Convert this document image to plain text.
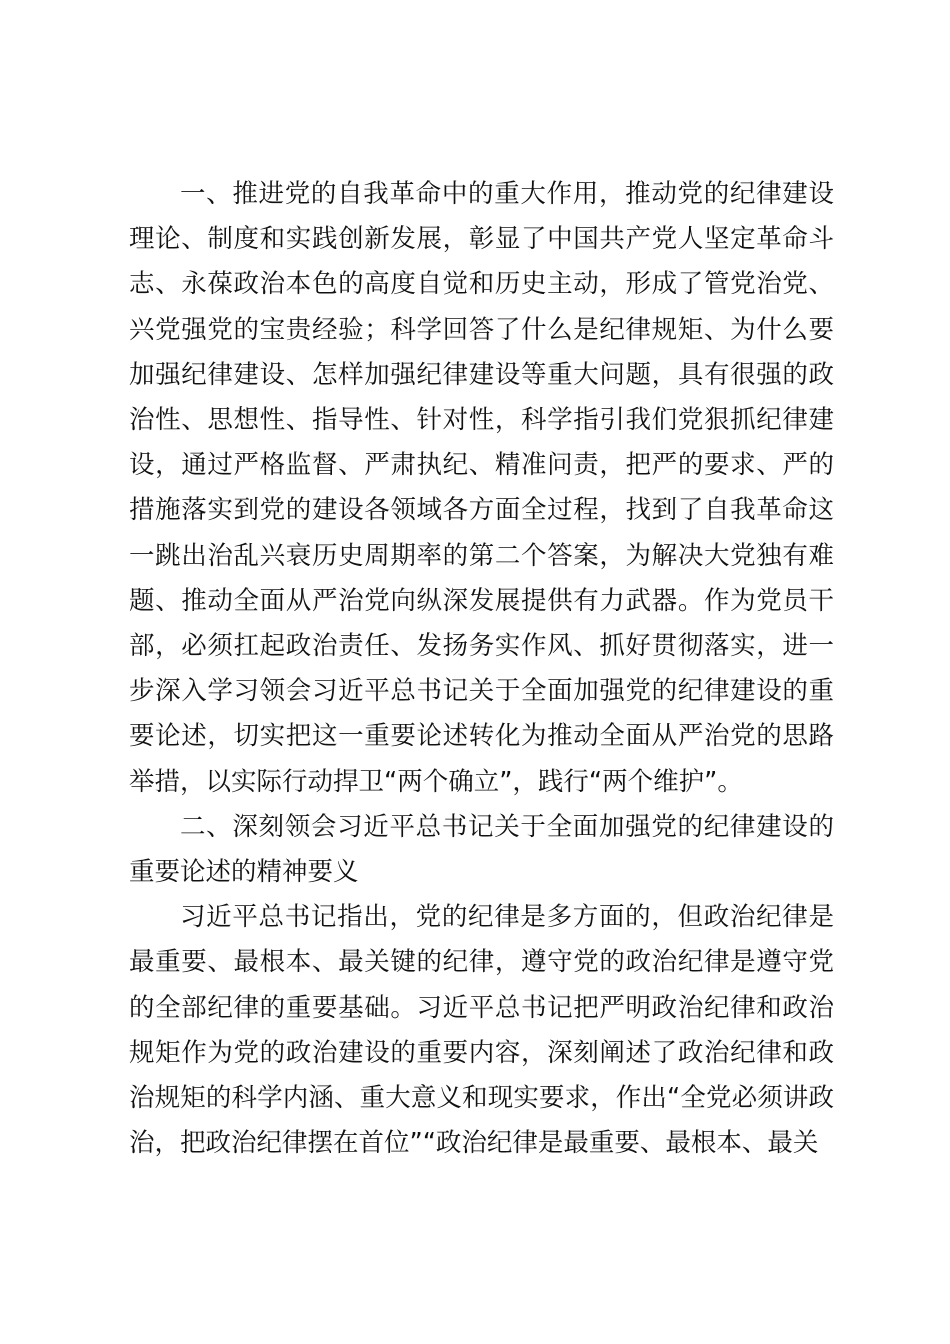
一、推进党的自我革命中的重大作用，推动党的纪律建设理论、制度和实践创新发展，彰显了中国共产党人坚定革命斗志、永葆政治本色的高度自觉和历史主动，形成了管党治党、兴党强党的宝贵经验；科学回答了什么是纪律规矩、为什么要加强纪律建设、怎样加强纪律建设等重大问题，具有很强的政治性、思想性、指导性、针对性，科学指引我们党狠抓纪律建设，通过严格监督、严肃执纪、精准问责，把严的要求、严的措施落实到党的建设各领域各方面全过程，找到了自我革命这一跳出治乱兴衰历史周期率的第二个答案，为解决大党独有难题、推动全面从严治党向纵深发展提供有力武器。作为党员干部，必须扛起政治责任、发扬务实作风、抓好贯彻落实，进一步深入学习领会习近平总书记关于全面加强党的纪律建设的重要论述，切实把这一重要论述转化为推动全面从严治党的思路举措，以实际行动捍卫“两个确立”，践行“两个维护”。

二、深刻领会习近平总书记关于全面加强党的纪律建设的重要论述的精神要义

习近平总书记指出，党的纪律是多方面的，但政治纪律是最重要、最根本、最关键的纪律，遵守党的政治纪律是遵守党的全部纪律的重要基础。习近平总书记把严明政治纪律和政治规矩作为党的政治建设的重要内容，深刻阐述了政治纪律和政治规矩的科学内涵、重大意义和现实要求，作出“全党必须讲政治，把政治纪律摆在首位”“政治纪律是最重要、最根本、最关
